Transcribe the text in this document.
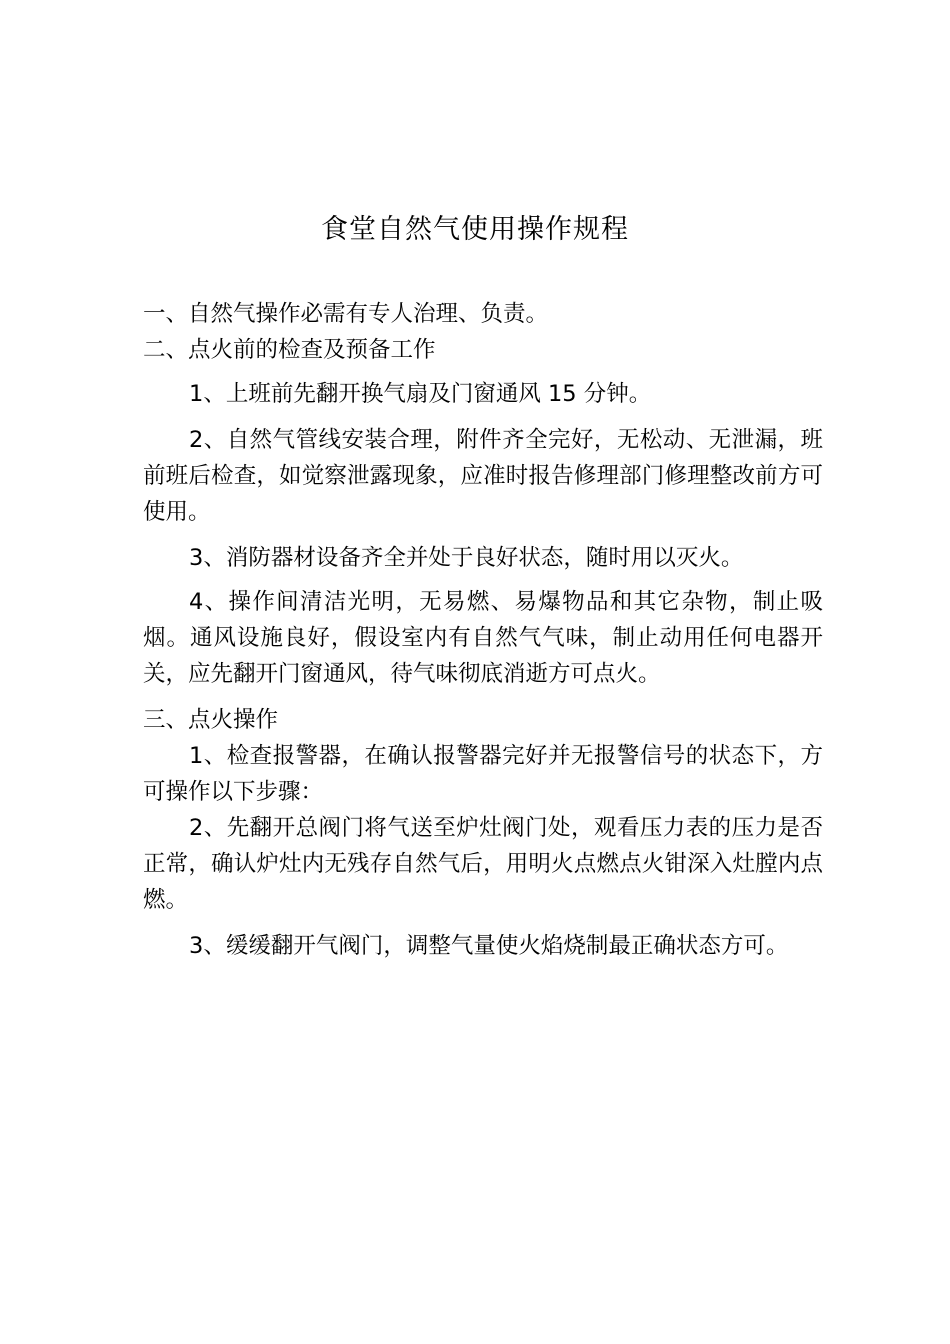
食堂自然气使用操作规程

一、自然气操作必需有专人治理、负责。

二、点火前的检查及预备工作

1、上班前先翻开换气扇及门窗通风 15 分钟。

2、自然气管线安装合理，附件齐全完好，无松动、无泄漏，班前班后检查，如觉察泄露现象，应准时报告修理部门修理整改前方可使用。

3、消防器材设备齐全并处于良好状态，随时用以灭火。

4、操作间清洁光明，无易燃、易爆物品和其它杂物，制止吸烟。通风设施良好，假设室内有自然气气味，制止动用任何电器开关，应先翻开门窗通风，待气味彻底消逝方可点火。

三、点火操作

1、检查报警器，在确认报警器完好并无报警信号的状态下，方可操作以下步骤：

2、先翻开总阀门将气送至炉灶阀门处，观看压力表的压力是否正常，确认炉灶内无残存自然气后，用明火点燃点火钳深入灶膛内点燃。

3、缓缓翻开气阀门，调整气量使火焰烧制最正确状态方可。
